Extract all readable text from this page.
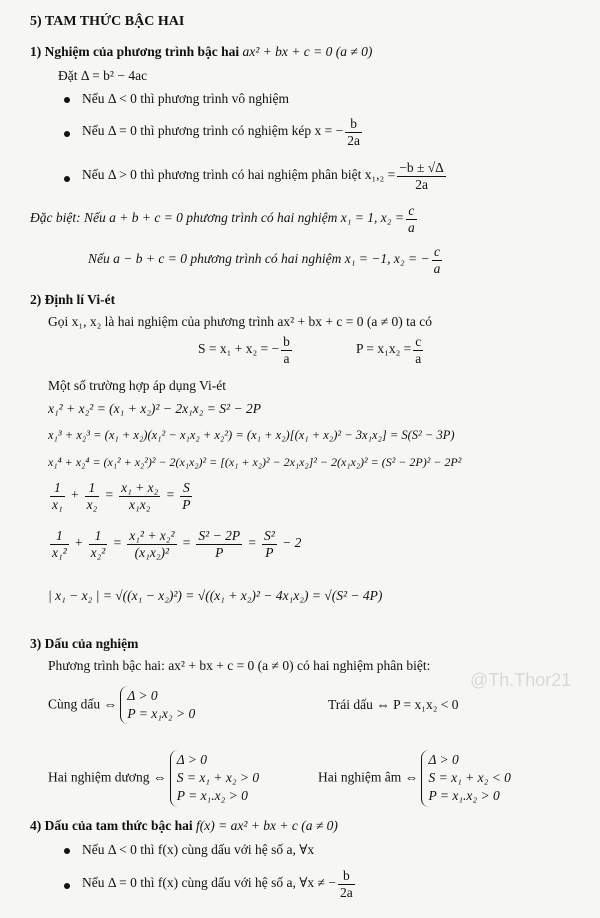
5) TAM THỨC BẬC HAI
1) Nghiệm của phương trình bậc hai ax² + bx + c = 0 (a ≠ 0)
Đặt Δ = b² − 4ac
Nếu Δ < 0 thì phương trình vô nghiệm
Nếu Δ = 0 thì phương trình có nghiệm kép x = − $\frac{b}{2a}$
Nếu Δ > 0 thì phương trình có hai nghiệm phân biệt $x_1,_2 = \frac{-b \pm √\Delta}{2a}$
Đặc biệt: Nếu a + b + c = 0 phương trình có hai nghiệm x₁ = 1, $x_2 = \frac{c}{a}$
Nếu a − b + c = 0 phương trình có hai nghiệm x₁ = −1, x₂ = − $\frac{c}{a}$
2) Định lí Vi-ét
Gọi x₁, x₂ là hai nghiệm của phương trình ax² + bx + c = 0 (a ≠ 0) ta có
S = x₁ + x₂ = − $\frac{b}{a}$	$P = x_1x_2 = \frac{c}{a}$
Một số trường hợp áp dụng Vi-ét
x₁² + x₂² = (x₁ + x₂)² − 2x₁x₂ = S² − 2P
x₁³ + x₂³ = (x₁ + x₂)(x₁² − x₁x₂ + x₂²) = (x₁ + x₂)[(x₁ + x₂)² − 3x₁x₂] = S(S² − 3P)
x₁⁴ + x₂⁴ = (x₁² + x₂²)² − 2(x₁x₂)² = [(x₁ + x₂)² − 2x₁x₂]² − 2(x₁x₂)² = (S² − 2P)² − 2P²
$\frac{1}{\text{x₁}} + \frac{1}{\text{x₂}} = \frac{\text{x₁ + x₂}}{\text{x₁x₂}} = \frac{S}{P}$
$\frac{1}{\text{x₁²}} + \frac{1}{\text{x₂²}} = \frac{\text{x₁² + x₂²}}{\text{(x₁x₂)²}} = \frac{\text{S² − 2P}}{P} = \frac{\text{S²}}{P} - 2$
| x₁ − x₂ | = √((x₁ − x₂)²) = √((x₁ + x₂)² − 4x₁x₂) = √(S² − 4P)
3) Dấu của nghiệm
Phương trình bậc hai: ax² + bx + c = 0 (a ≠ 0) có hai nghiệm phân biệt:
Cùng dấu ⇔
Δ > 0
P = x₁x₂ > 0
Trái dấu ⇔ P = x₁x₂ < 0
Hai nghiệm dương ⇔
Δ > 0
S = x₁ + x₂ > 0
P = x₁.x₂ > 0
Hai nghiệm âm ⇔
Δ > 0
S = x₁ + x₂ < 0
P = x₁.x₂ > 0
4) Dấu của tam thức bậc hai f(x) = ax² + bx + c (a ≠ 0)
Nếu Δ < 0 thì f(x) cùng dấu với hệ số a, ∀x
Nếu Δ = 0 thì f(x) cùng dấu với hệ số a, ∀x ≠ − $\frac{b}{2a}$
@Th.Thor21
